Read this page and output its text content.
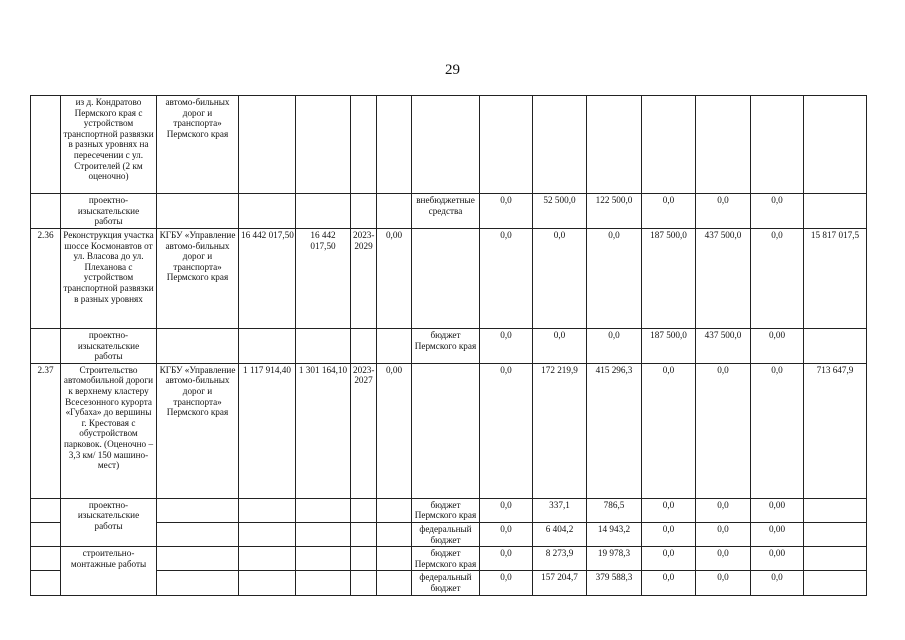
29
	из д. Кондратово Пермского края с устройством транспортной развязки в разных уровнях на пересечении с ул. Строителей (2 км оценочно)	автомо-бильных дорог и транспорта» Пермского края												
	проектно-изыскательские работы						внебюджетные средства	0,0	52 500,0	122 500,0	0,0	0,0	0,0	
2.36	Реконструкция участка шоссе Космонавтов от ул. Власова до ул. Плеханова с устройством транспортной развязки в разных уровнях	КГБУ «Управление автомо-бильных дорог и транспорта» Пермского края	16 442 017,50	16 442 017,50	2023-2029	0,00		0,0	0,0	0,0	187 500,0	437 500,0	0,0	15 817 017,5
	проектно-изыскательские работы						бюджет Пермского края	0,0	0,0	0,0	187 500,0	437 500,0	0,00	
2.37	Строительство автомобильной дороги к верхнему кластеру Всесезонного курорта «Губаха» до вершины г. Крестовая с обустройством парковок. (Оценочно – 3,3 км/ 150 машино-мест)	КГБУ «Управление автомо-бильных дорог и транспорта» Пермского края	1 117 914,40	1 301 164,10	2023-2027	0,00		0,0	172 219,9	415 296,3	0,0	0,0	0,0	713 647,9
	проектно-изыскательские работы						бюджет Пермского края	0,0	337,1	786,5	0,0	0,0	0,00	
							федеральный бюджет	0,0	6 404,2	14 943,2	0,0	0,0	0,00	
	строительно-монтажные работы						бюджет Пермского края	0,0	8 273,9	19 978,3	0,0	0,0	0,00	
							федеральный бюджет	0,0	157 204,7	379 588,3	0,0	0,0	0,0	
